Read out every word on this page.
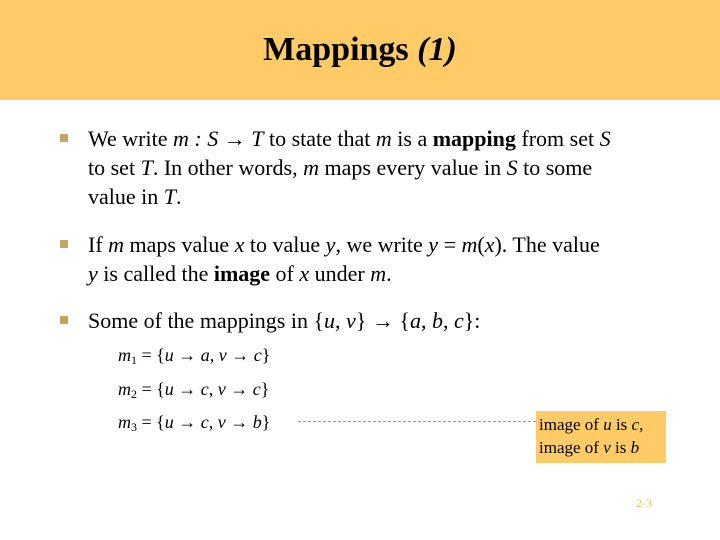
Mappings (1)
We write m : S → T to state that m is a mapping from set S
to set T. In other words, m maps every value in S to some
value in T.
If m maps value x to value y, we write y = m(x). The value
y is called the image of x under m.
Some of the mappings in {u, v} → {a, b, c}:
$m_1 = \{u \to a$, v → c}
$m_2 = \{u \to c$, v → c}
$m_3 = \{u \to c$, v → b}	image of u is c,
image of v is b
2-3
